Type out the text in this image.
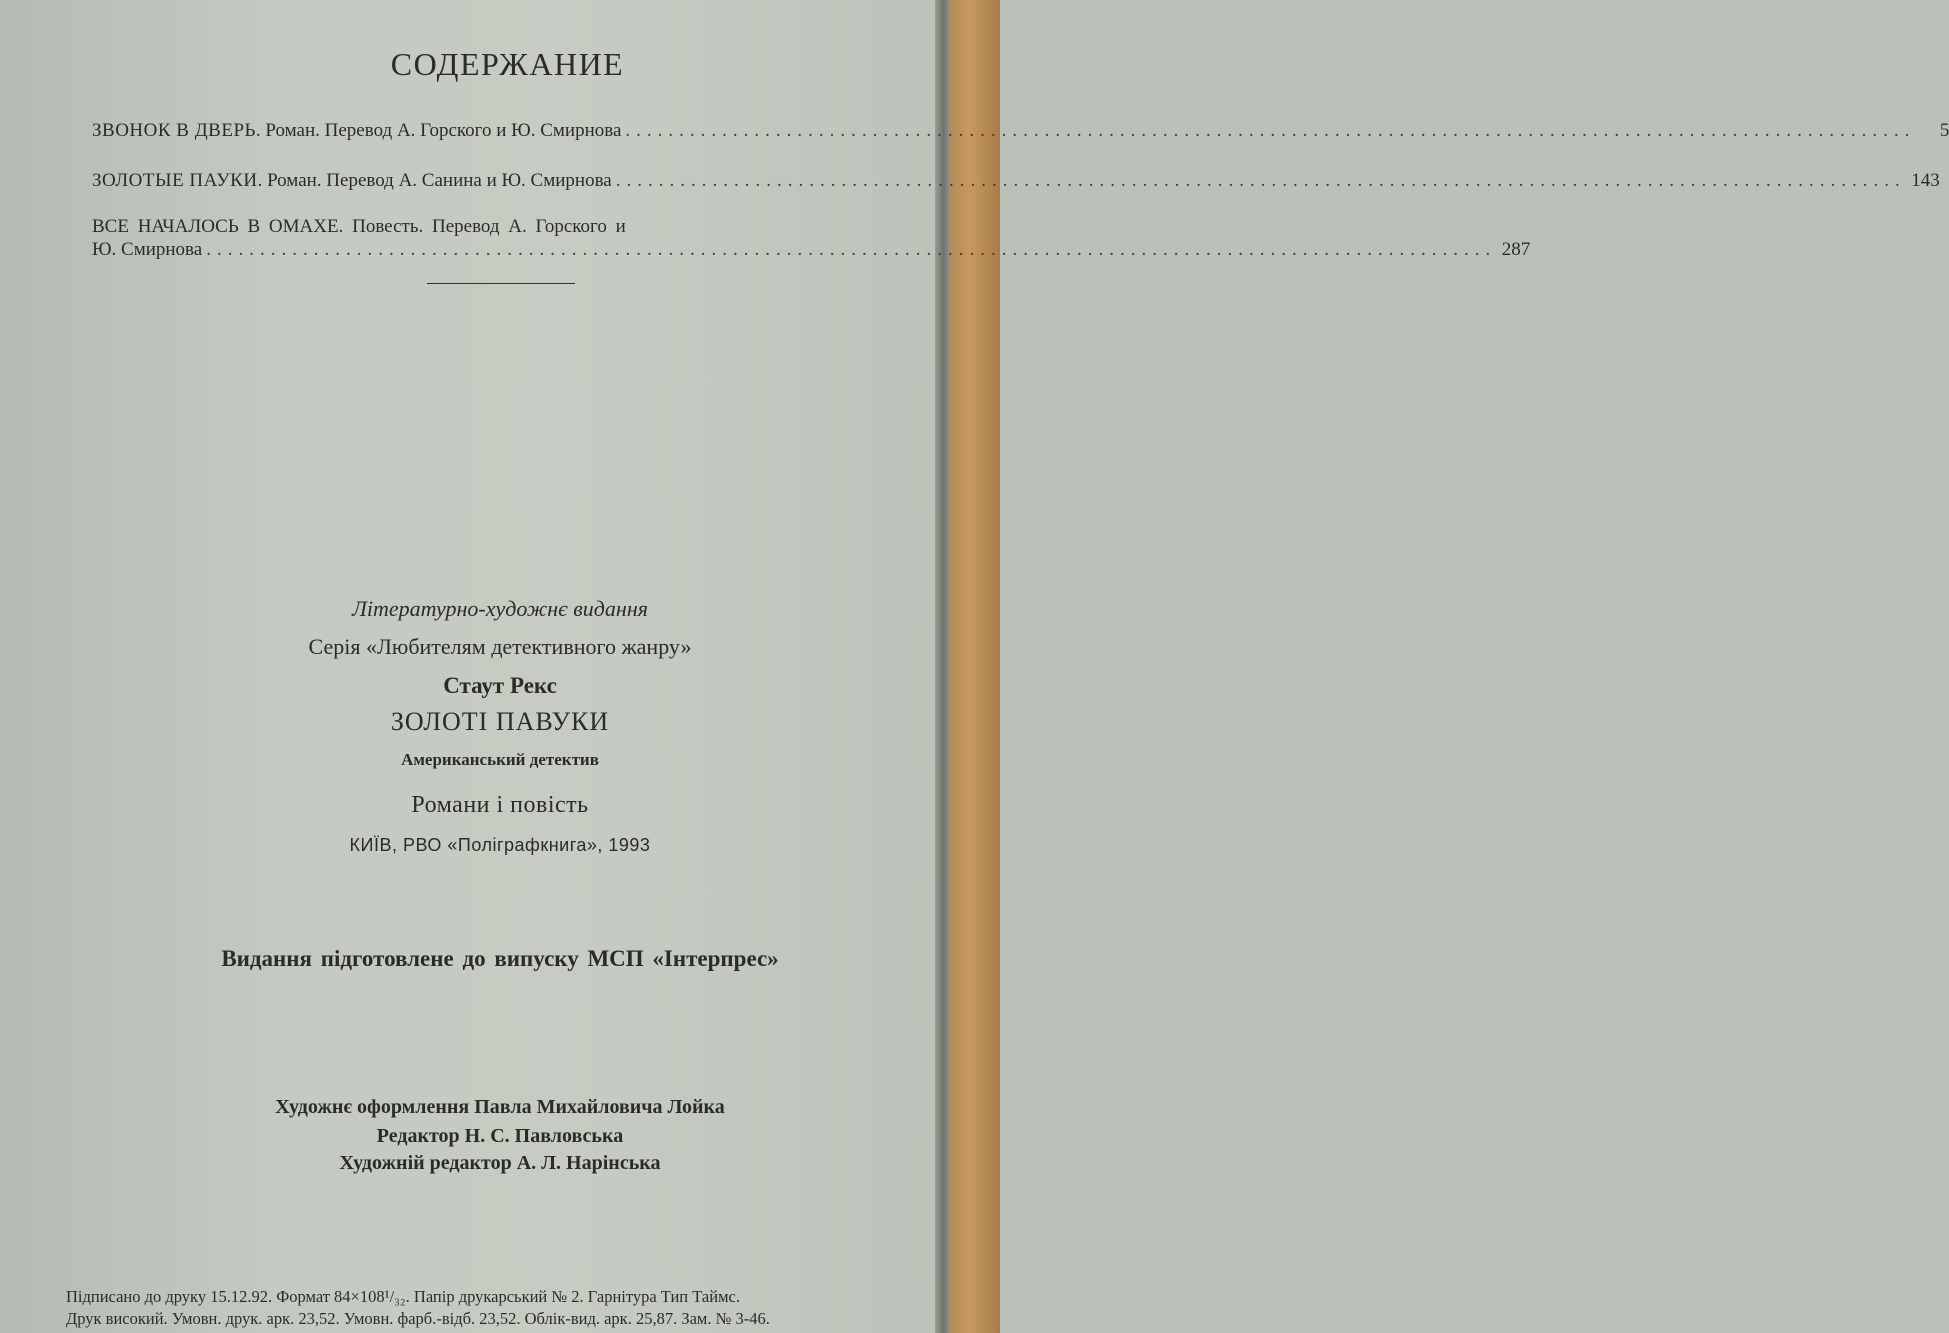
СОДЕРЖАНИЕ
ЗВОНОК В ДВЕРЬ . Роман. Перевод А. Горского и Ю. Смирнова ........................................................................................................................	5
ЗОЛОТЫЕ ПАУКИ . Роман. Перевод А. Санина и Ю. Смирнова ........................................................................................................................ 143
ВСЕ НАЧАЛОСЬ В ОМАХЕ. Повесть. Перевод А. Горского и
Ю. Смирнова ........................................................................................................................ 287
Літературно-художнє видання
Серія «Любителям детективного жанру»
Стаут Рекс
ЗОЛОТІ ПАВУКИ
Американський детектив
Романи і повість
КИЇВ, РВО «Поліграфкнига», 1993
Видання підготовлене до випуску МСП «Інтерпрес»
Художнє оформлення Павла Михайловича Лойка
Редактор Н. С. Павловська
Художній редактор А. Л. Нарінська
Підписано до друку 15.12.92. Формат 84×108¹/₃₂. Папір друкарський № 2. Гарнітура Тип Таймс.
Друк високий. Умовн. друк. арк. 23,52. Умовн. фарб.-відб. 23,52. Облік-вид. арк. 25,87. Зам. № 3-46.
